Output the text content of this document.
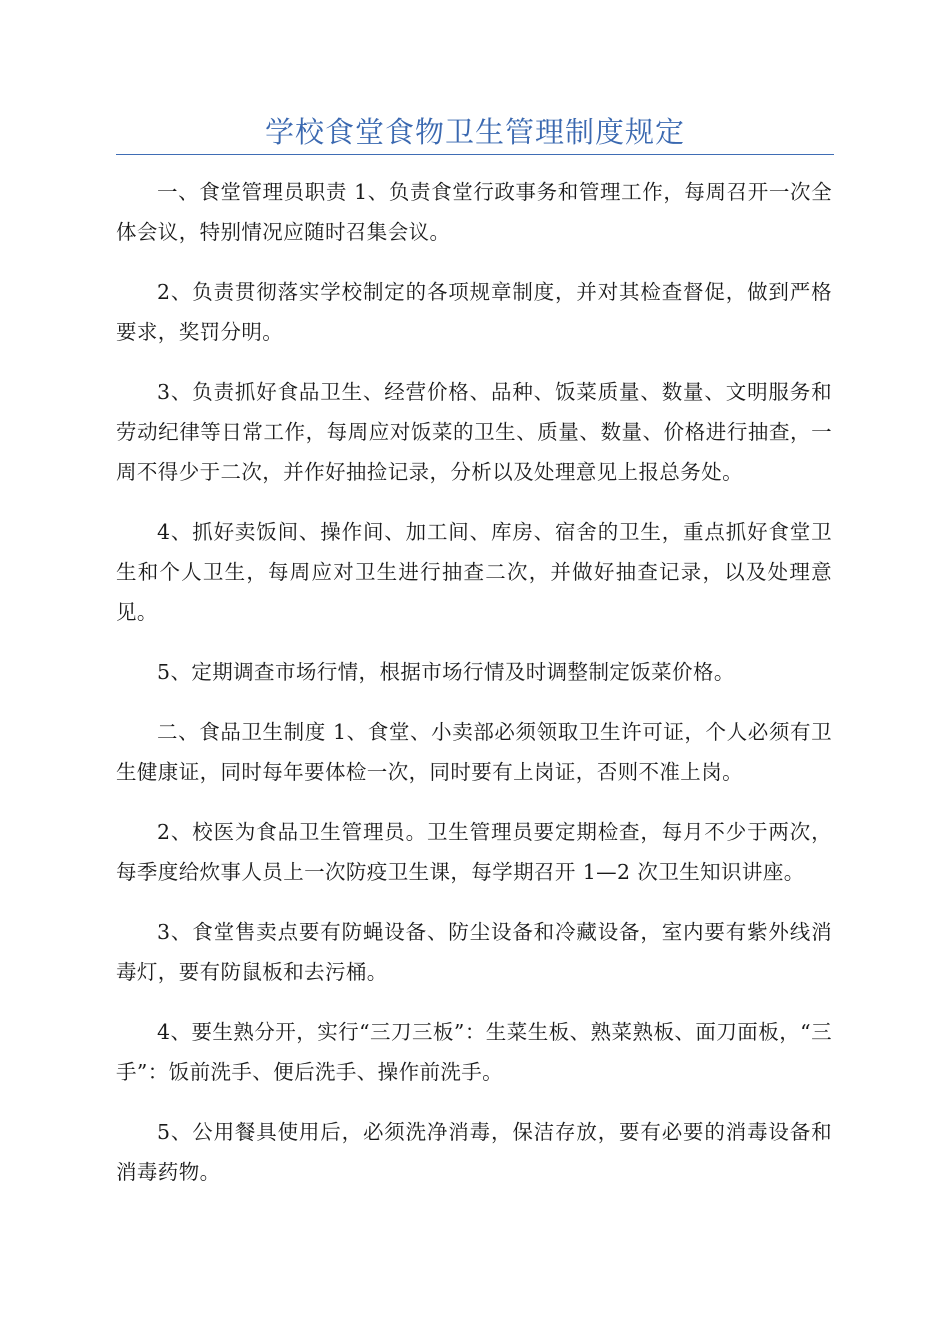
学校食堂食物卫生管理制度规定

一、食堂管理员职责 1、负责食堂行政事务和管理工作，每周召开一次全体会议，特别情况应随时召集会议。

2、负责贯彻落实学校制定的各项规章制度，并对其检查督促，做到严格要求，奖罚分明。

3、负责抓好食品卫生、经营价格、品种、饭菜质量、数量、文明服务和劳动纪律等日常工作，每周应对饭菜的卫生、质量、数量、价格进行抽查，一周不得少于二次，并作好抽捡记录，分析以及处理意见上报总务处。

4、抓好卖饭间、操作间、加工间、库房、宿舍的卫生，重点抓好食堂卫生和个人卫生，每周应对卫生进行抽查二次，并做好抽查记录，以及处理意见。

5、定期调查市场行情，根据市场行情及时调整制定饭菜价格。

二、食品卫生制度 1、食堂、小卖部必须领取卫生许可证，个人必须有卫生健康证，同时每年要体检一次，同时要有上岗证，否则不准上岗。

2、校医为食品卫生管理员。卫生管理员要定期检查，每月不少于两次，每季度给炊事人员上一次防疫卫生课，每学期召开 1—2 次卫生知识讲座。

3、食堂售卖点要有防蝇设备、防尘设备和冷藏设备，室内要有紫外线消毒灯，要有防鼠板和去污桶。

4、要生熟分开，实行“三刀三板”：生菜生板、熟菜熟板、面刀面板，“三手”：饭前洗手、便后洗手、操作前洗手。

5、公用餐具使用后，必须洗净消毒，保洁存放，要有必要的消毒设备和消毒药物。
